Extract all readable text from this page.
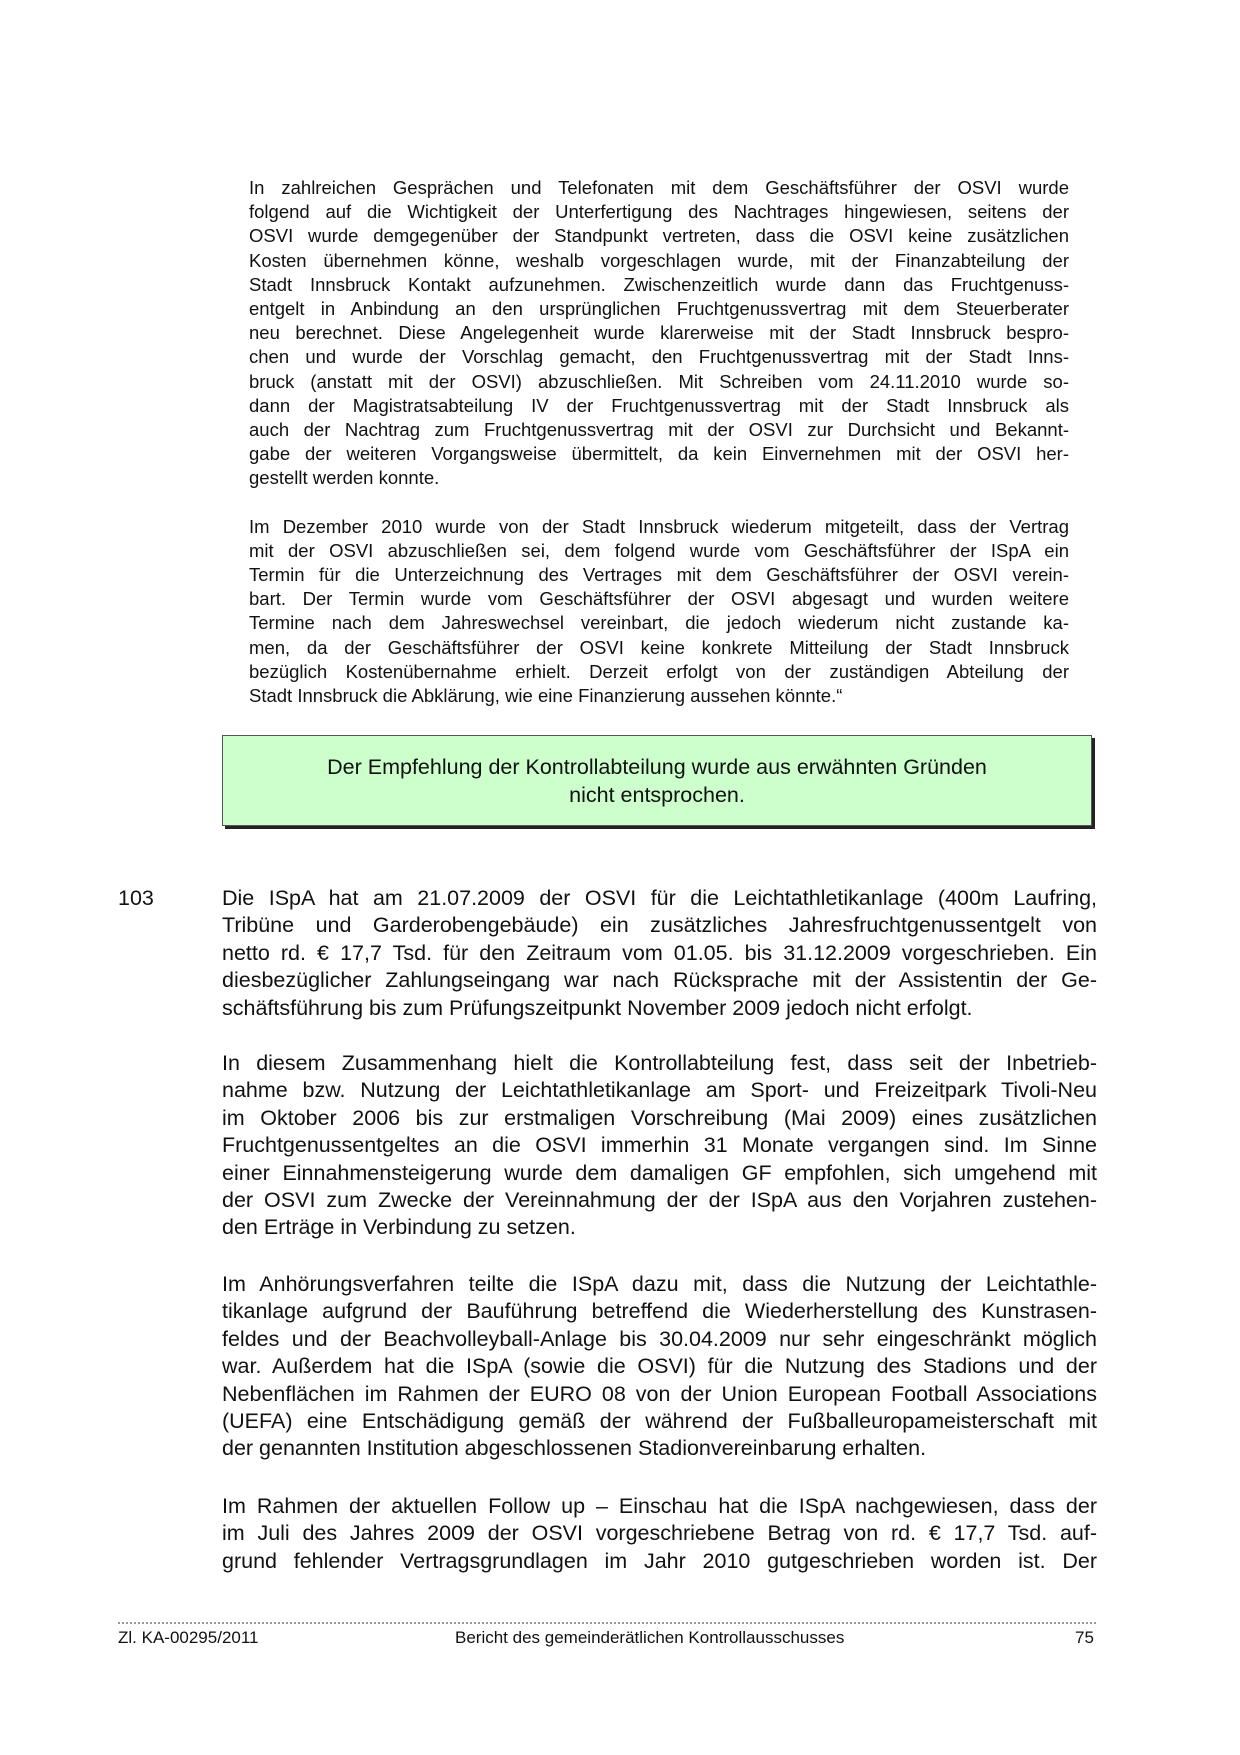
In zahlreichen Gesprächen und Telefonaten mit dem Geschäftsführer der OSVI wurde
folgend auf die Wichtigkeit der Unterfertigung des Nachtrages hingewiesen, seitens der
OSVI wurde demgegenüber der Standpunkt vertreten, dass die OSVI keine zusätzlichen
Kosten übernehmen könne, weshalb vorgeschlagen wurde, mit der Finanzabteilung der
Stadt Innsbruck Kontakt aufzunehmen. Zwischenzeitlich wurde dann das Fruchtgenuss-
entgelt in Anbindung an den ursprünglichen Fruchtgenussvertrag mit dem Steuerberater
neu berechnet. Diese Angelegenheit wurde klarerweise mit der Stadt Innsbruck bespro-
chen und wurde der Vorschlag gemacht, den Fruchtgenussvertrag mit der Stadt Inns-
bruck (anstatt mit der OSVI) abzuschließen. Mit Schreiben vom 24.11.2010 wurde so-
dann der Magistratsabteilung IV der Fruchtgenussvertrag mit der Stadt Innsbruck als
auch der Nachtrag zum Fruchtgenussvertrag mit der OSVI zur Durchsicht und Bekannt-
gabe der weiteren Vorgangsweise übermittelt, da kein Einvernehmen mit der OSVI her-
gestellt werden konnte.
Im Dezember 2010 wurde von der Stadt Innsbruck wiederum mitgeteilt, dass der Vertrag
mit der OSVI abzuschließen sei, dem folgend wurde vom Geschäftsführer der ISpA ein
Termin für die Unterzeichnung des Vertrages mit dem Geschäftsführer der OSVI verein-
bart. Der Termin wurde vom Geschäftsführer der OSVI abgesagt und wurden weitere
Termine nach dem Jahreswechsel vereinbart, die jedoch wiederum nicht zustande ka-
men, da der Geschäftsführer der OSVI keine konkrete Mitteilung der Stadt Innsbruck
bezüglich Kostenübernahme erhielt. Derzeit erfolgt von der zuständigen Abteilung der
Stadt Innsbruck die Abklärung, wie eine Finanzierung aussehen könnte.“
Der Empfehlung der Kontrollabteilung wurde aus erwähnten Gründen
nicht entsprochen.
103	Die ISpA hat am 21.07.2009 der OSVI für die Leichtathletikanlage (400m Laufring,
Tribüne und Garderobengebäude) ein zusätzliches Jahresfruchtgenussentgelt von
netto rd. € 17,7 Tsd. für den Zeitraum vom 01.05. bis 31.12.2009 vorgeschrieben. Ein
diesbezüglicher Zahlungseingang war nach Rücksprache mit der Assistentin der Ge-
schäftsführung bis zum Prüfungszeitpunkt November 2009 jedoch nicht erfolgt.
In diesem Zusammenhang hielt die Kontrollabteilung fest, dass seit der Inbetrieb-
nahme bzw. Nutzung der Leichtathletikanlage am Sport- und Freizeitpark Tivoli-Neu
im Oktober 2006 bis zur erstmaligen Vorschreibung (Mai 2009) eines zusätzlichen
Fruchtgenussentgeltes an die OSVI immerhin 31 Monate vergangen sind. Im Sinne
einer Einnahmensteigerung wurde dem damaligen GF empfohlen, sich umgehend mit
der OSVI zum Zwecke der Vereinnahmung der der ISpA aus den Vorjahren zustehen-
den Erträge in Verbindung zu setzen.
Im Anhörungsverfahren teilte die ISpA dazu mit, dass die Nutzung der Leichtathle-
tikanlage aufgrund der Bauführung betreffend die Wiederherstellung des Kunstrasen-
feldes und der Beachvolleyball-Anlage bis 30.04.2009 nur sehr eingeschränkt möglich
war. Außerdem hat die ISpA (sowie die OSVI) für die Nutzung des Stadions und der
Nebenflächen im Rahmen der EURO 08 von der Union European Football Associations
(UEFA) eine Entschädigung gemäß der während der Fußballeuropameisterschaft mit
der genannten Institution abgeschlossenen Stadionvereinbarung erhalten.
Im Rahmen der aktuellen Follow up – Einschau hat die ISpA nachgewiesen, dass der
im Juli des Jahres 2009 der OSVI vorgeschriebene Betrag von rd. € 17,7 Tsd. auf-
grund fehlender Vertragsgrundlagen im Jahr 2010 gutgeschrieben worden ist. Der
Zl. KA-00295/2011	Bericht des gemeinderätlichen Kontrollausschusses	75
